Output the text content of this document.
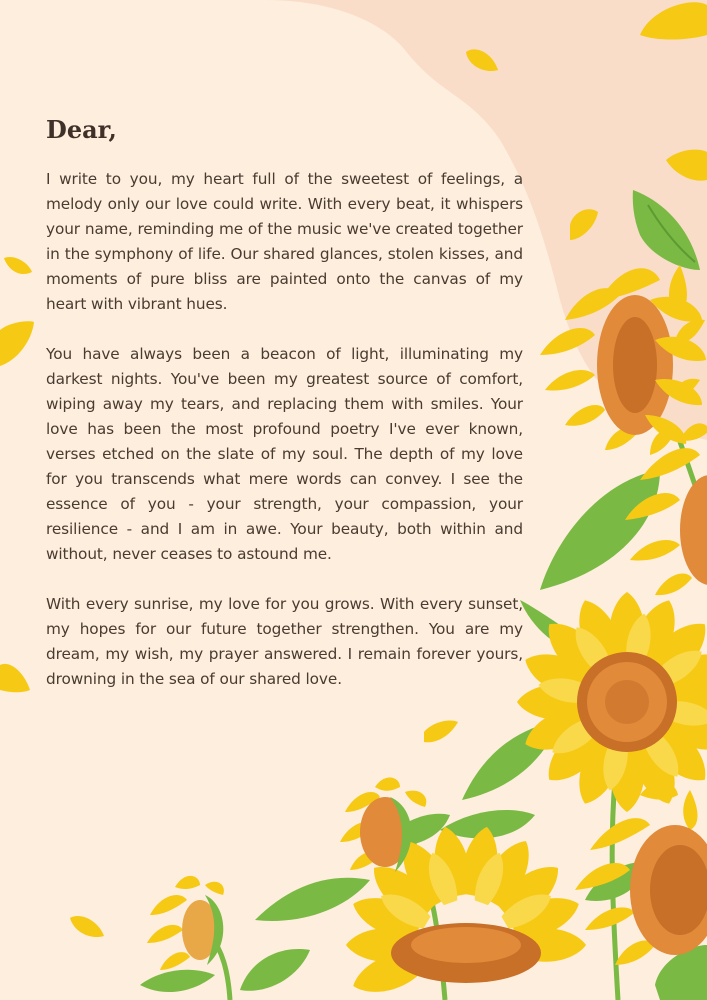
Dear,

I write to you, my heart full of the sweetest of feelings, a melody only our love could write. With every beat, it whispers your name, reminding me of the music we've created together in the symphony of life. Our shared glances, stolen kisses, and moments of pure bliss are painted onto the canvas of my heart with vibrant hues.

You have always been a beacon of light, illuminating my darkest nights. You've been my greatest source of comfort, wiping away my tears, and replacing them with smiles. Your love has been the most profound poetry I've ever known, verses etched on the slate of my soul. The depth of my love for you transcends what mere words can convey. I see the essence of you - your strength, your compassion, your resilience - and I am in awe. Your beauty, both within and without, never ceases to astound me.

With every sunrise, my love for you grows. With every sunset, my hopes for our future together strengthen. You are my dream, my wish, my prayer answered. I remain forever yours, drowning in the sea of our shared love.
